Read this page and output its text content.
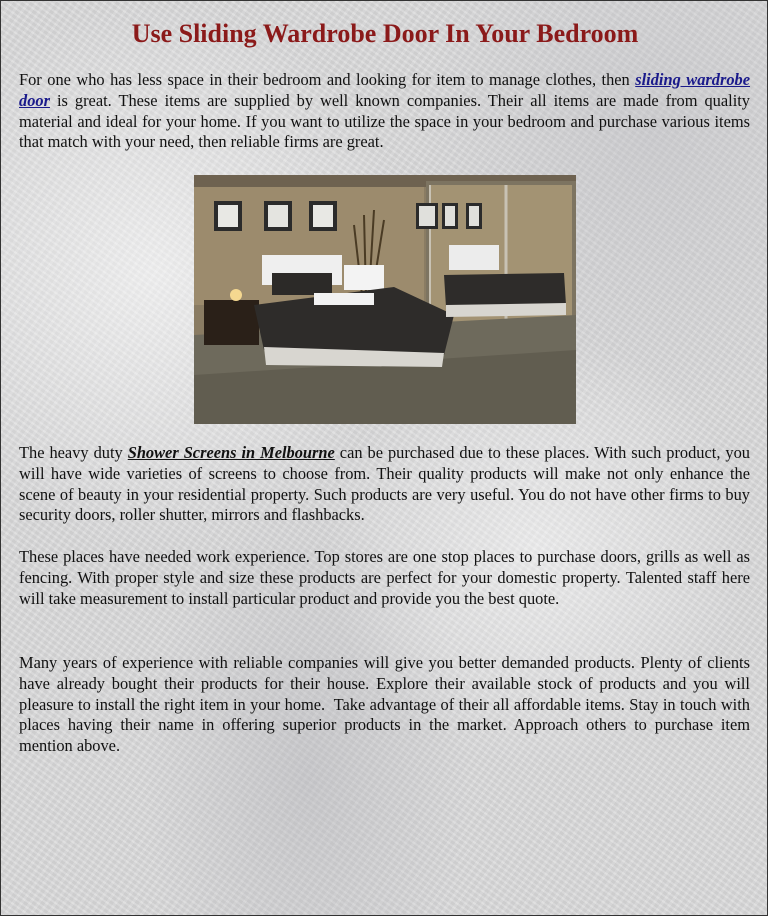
Use Sliding Wardrobe Door In Your Bedroom

For one who has less space in their bedroom and looking for item to manage clothes, then sliding wardrobe door is great. These items are supplied by well known companies. Their all items are made from quality material and ideal for your home. If you want to utilize the space in your bedroom and purchase various items that match with your need, then reliable firms are great.

The heavy duty Shower Screens in Melbourne can be purchased due to these places. With such product, you will have wide varieties of screens to choose from. Their quality products will make not only enhance the scene of beauty in your residential property. Such products are very useful. You do not have other firms to buy security doors, roller shutter, mirrors and flashbacks.

These places have needed work experience. Top stores are one stop places to purchase doors, grills as well as fencing. With proper style and size these products are perfect for your domestic property. Talented staff here will take measurement to install particular product and provide you the best quote.

Many years of experience with reliable companies will give you better demanded products. Plenty of clients have already bought their products for their house. Explore their available stock of products and you will pleasure to install the right item in your home.  Take advantage of their all affordable items. Stay in touch with places having their name in offering superior products in the market. Approach others to purchase item mention above.
